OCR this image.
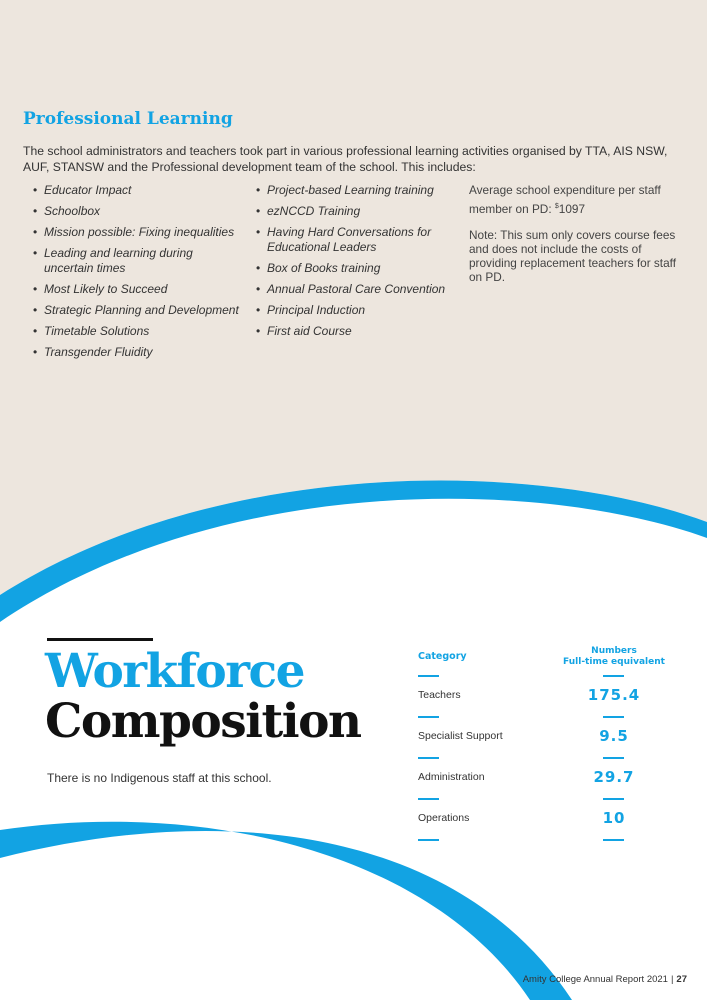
Professional Learning

The school administrators and teachers took part in various professional learning activities organised by TTA, AIS NSW, AUF, STANSW and the Professional development team of the school. This includes:

• Educator Impact
• Schoolbox
• Mission possible: Fixing inequalities
• Leading and learning during uncertain times
• Most Likely to Succeed
• Strategic Planning and Development
• Timetable Solutions
• Transgender Fluidity
• Project-based Learning training
• ezNCCD Training
• Having Hard Conversations for Educational Leaders
• Box of Books training
• Annual Pastoral Care Convention
• Principal Induction
• First aid Course

Average school expenditure per staff member on PD: $1097

Note: This sum only covers course fees and does not include the costs of providing replacement teachers for staff on PD.

Workforce
Composition

There is no Indigenous staff at this school.

Category	Numbers
Full-time equivalent
Teachers	175.4
Specialist Support	9.5
Administration	29.7
Operations	10
Amity College Annual Report 2021 | 27
